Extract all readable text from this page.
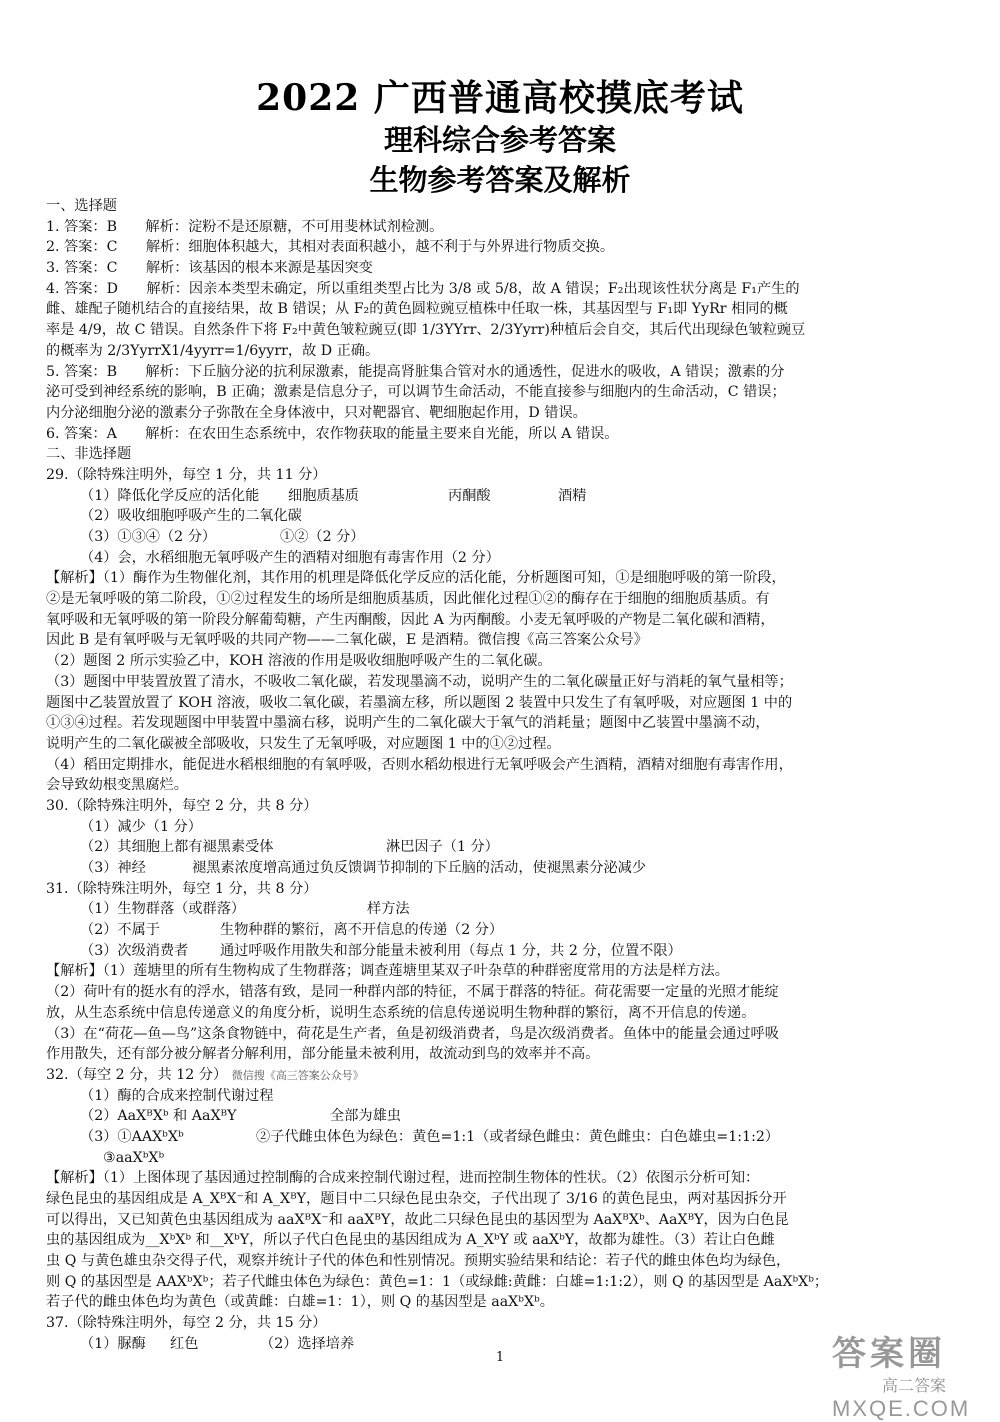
2022 广西普通高校摸底考试
理科综合参考答案
生物参考答案及解析
一、选择题
1. 答案：B　　解析：淀粉不是还原糖，不可用斐林试剂检测。
2. 答案：C　　解析：细胞体积越大，其相对表面积越小，越不利于与外界进行物质交换。
3. 答案：C　　解析：该基因的根本来源是基因突变
4. 答案：D　　解析：因亲本类型未确定，所以重组类型占比为 3/8 或 5/8，故 A 错误；F₂出现该性状分离是 F₁产生的
雌、雄配子随机结合的直接结果，故 B 错误；从 F₂的黄色圆粒豌豆植株中任取一株，其基因型与 F₁即 YyRr 相同的概
率是 4/9，故 C 错误。自然条件下将 F₂中黄色皱粒豌豆(即 1/3YYrr、2/3Yyrr)种植后会自交，其后代出现绿色皱粒豌豆
的概率为 2/3YyrrX1/4yyrr=1/6yyrr，故 D 正确。
5. 答案：B　　解析：下丘脑分泌的抗利尿激素，能提高肾脏集合管对水的通透性，促进水的吸收，A 错误；激素的分
泌可受到神经系统的影响，B 正确；激素是信息分子，可以调节生命活动，不能直接参与细胞内的生命活动，C 错误；
内分泌细胞分泌的激素分子弥散在全身体液中，只对靶器官、靶细胞起作用，D 错误。
6. 答案：A　　解析：在农田生态系统中，农作物获取的能量主要来自光能，所以 A 错误。
二、非选择题
29.（除特殊注明外，每空 1 分，共 11 分）
（1）降低化学反应的活化能 细胞质基质	丙酮酸	酒精
（2）吸收细胞呼吸产生的二氧化碳
（3）①③④（2 分）	①②（2 分）
（4）会，水稻细胞无氧呼吸产生的酒精对细胞有毒害作用（2 分）
【解析】（1）酶作为生物催化剂，其作用的机理是降低化学反应的活化能，分析题图可知，①是细胞呼吸的第一阶段，
②是无氧呼吸的第二阶段，①②过程发生的场所是细胞质基质，因此催化过程①②的酶存在于细胞的细胞质基质。有
氧呼吸和无氧呼吸的第一阶段分解葡萄糖，产生丙酮酸，因此 A 为丙酮酸。小麦无氧呼吸的产物是二氧化碳和酒精，
因此 B 是有氧呼吸与无氧呼吸的共同产物——二氧化碳，E 是酒精。微信搜《高三答案公众号》
（2）题图 2 所示实验乙中，KOH 溶液的作用是吸收细胞呼吸产生的二氧化碳。
（3）题图中甲装置放置了清水，不吸收二氧化碳，若发现墨滴不动，说明产生的二氧化碳量正好与消耗的氧气量相等；
题图中乙装置放置了 KOH 溶液，吸收二氧化碳，若墨滴左移，所以题图 2 装置中只发生了有氧呼吸，对应题图 1 中的
①③④过程。若发现题图中甲装置中墨滴右移，说明产生的二氧化碳大于氧气的消耗量；题图中乙装置中墨滴不动，
说明产生的二氧化碳被全部吸收，只发生了无氧呼吸，对应题图 1 中的①②过程。
（4）稻田定期排水，能促进水稻根细胞的有氧呼吸，否则水稻幼根进行无氧呼吸会产生酒精，酒精对细胞有毒害作用，
会导致幼根变黑腐烂。
30.（除特殊注明外，每空 2 分，共 8 分）
（1）减少（1 分）
（2）其细胞上都有褪黑素受体	淋巴因子（1 分）
（3）神经	褪黑素浓度增高通过负反馈调节抑制的下丘脑的活动，使褪黑素分泌减少
31.（除特殊注明外，每空 1 分，共 8 分）
（1）生物群落（或群落）	样方法
（2）不属于	生物种群的繁衍，离不开信息的传递（2 分）
（3）次级消费者 通过呼吸作用散失和部分能量未被利用（每点 1 分，共 2 分，位置不限）
【解析】（1）莲塘里的所有生物构成了生物群落；调查莲塘里某双子叶杂草的种群密度常用的方法是样方法。
（2）荷叶有的挺水有的浮水，错落有致，是同一种群内部的特征，不属于群落的特征。荷花需要一定量的光照才能绽
放，从生态系统中信息传递意义的角度分析，说明生态系统的信息传递说明生物种群的繁衍，离不开信息的传递。
（3）在“荷花—鱼—鸟”这条食物链中，荷花是生产者，鱼是初级消费者，鸟是次级消费者。鱼体中的能量会通过呼吸
作用散失，还有部分被分解者分解利用，部分能量未被利用，故流动到鸟的效率并不高。
32.（每空 2 分，共 12 分） 微信搜《高三答案公众号》
（1）酶的合成来控制代谢过程
（2）AaXᴮXᵇ 和 AaXᴮY	全部为雄虫
（3）①AAXᵇXᵇ	②子代雌虫体色为绿色：黄色=1:1（或者绿色雌虫：黄色雌虫：白色雄虫=1:1:2）
③aaXᵇXᵇ
【解析】（1）上图体现了基因通过控制酶的合成来控制代谢过程，进而控制生物体的性状。（2）依图示分析可知：
绿色昆虫的基因组成是 A_XᴮX⁻和 A_XᴮY，题目中二只绿色昆虫杂交，子代出现了 3/16 的黄色昆虫，两对基因拆分开
可以得出，又已知黄色虫基因组成为 aaXᴮX⁻和 aaXᴮY，故此二只绿色昆虫的基因型为 AaXᴮXᵇ、AaXᴮY，因为白色昆
虫的基因组成为__XᵇXᵇ 和__XᵇY，所以子代白色昆虫的基因组成为 A_XᵇY 或 aaXᵇY，故都为雄性。（3）若让白色雌
虫 Q 与黄色雄虫杂交得子代，观察并统计子代的体色和性别情况。预期实验结果和结论：若子代的雌虫体色均为绿色，
则 Q 的基因型是 AAXᵇXᵇ；若子代雌虫体色为绿色：黄色=1：1（或绿雌:黄雌：白雄=1:1:2），则 Q 的基因型是 AaXᵇXᵇ；
若子代的雌虫体色均为黄色（或黄雌：白雄=1：1），则 Q 的基因型是 aaXᵇXᵇ。
37.（除特殊注明外，每空 2 分，共 15 分）
（1）脲酶 红色	（2）选择培养
1	答案圈
高二答案
MXQE.COM
